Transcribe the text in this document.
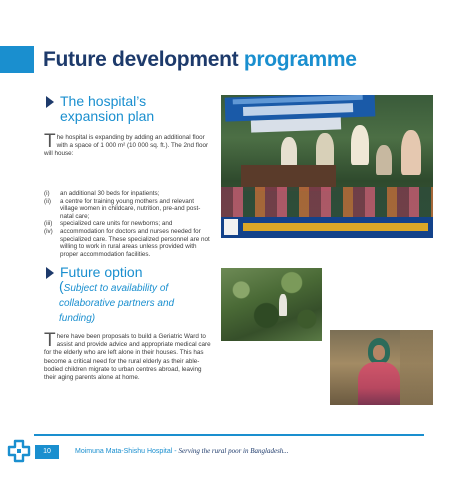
Future development programme
The hospital’s
expansion plan
The hospital is expanding by adding an additional floor with a space of 1 000 m² (10 000 sq. ft.). The 2nd floor will house:
(i) an additional 30 beds for inpatients;
(ii) a centre for training young mothers and relevant village women in childcare, nutrition, pre-and post-natal care;
(iii) specialized care units for newborns; and
(iv) accommodation for doctors and nurses needed for specialized care. These specialized personnel are not willing to work in rural areas unless provided with proper accommodation facilities.
Future option
(Subject to availability of collaborative partners and funding)
There have been proposals to build a Geriatric Ward to assist and provide advice and appropriate medical care for the elderly who are left alone in their houses. This has become a critical need for the rural elderly as their able-bodied children migrate to urban centres abroad, leaving their aging parents alone at home.
10	Moimuna Mata-Shishu Hospital - Serving the rural poor in Bangladesh...
